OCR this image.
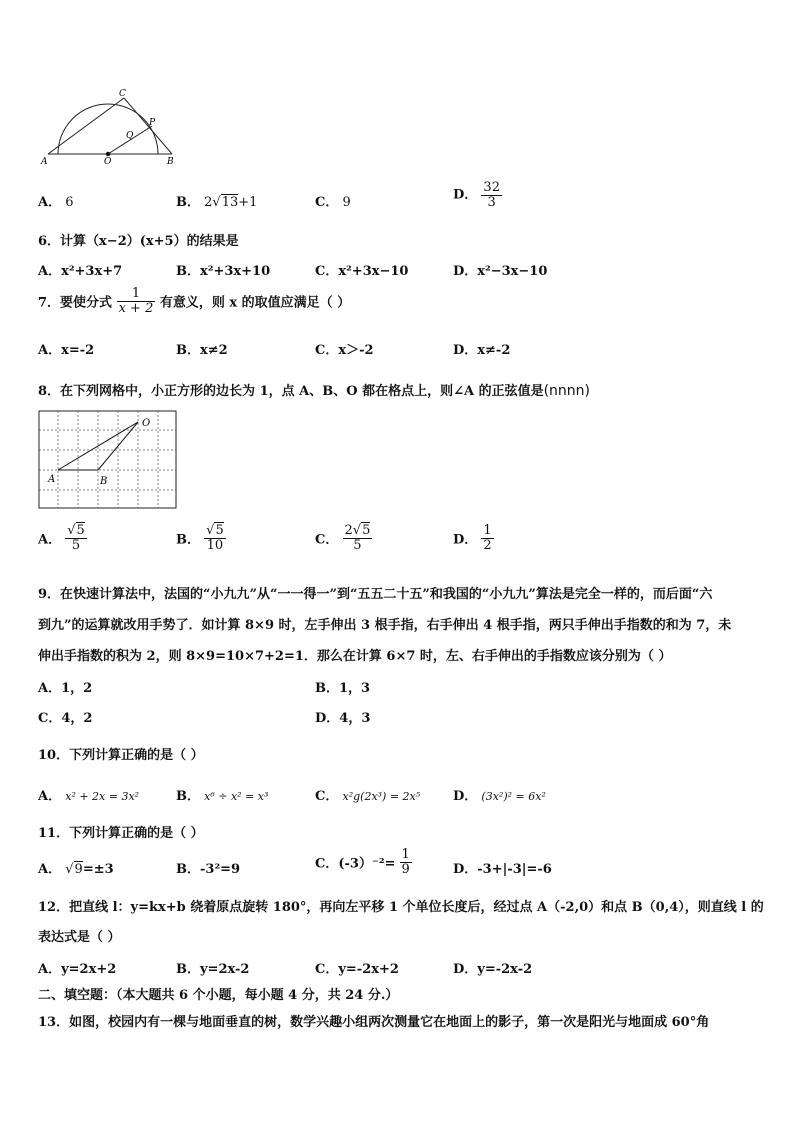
A	B
C
O
P
Q
A． 6	B． 2√13+1	C． 9	D． $\frac{32}{3}$
6．计算（x−2）(x+5）的结果是
A．x²+3x+7	B．x²+3x+10	C．x²+3x−10	D．x²−3x−10
7．要使分式 $\frac{1}{x + 2}$ 有意义，则 x 的取值应满足（ ）
A．x=-2	B．x≠2	C．x＞-2	D．x≠-2
8．在下列网格中，小正方形的边长为 1，点 A、B、O 都在格点上，则∠A 的正弦值是(nnnn)
A	B
O
A． $\frac{√5}{5}$	B． $\frac{√5}{10}$	C． $\frac{2√5}{5}$	D． $\frac{1}{2}$
9．在快速计算法中，法国的“小九九”从“一一得一”到“五五二十五”和我国的“小九九”算法是完全一样的，而后面“六
到九”的运算就改用手势了．如计算 8×9 时，左手伸出 3 根手指，右手伸出 4 根手指，两只手伸出手指数的和为 7，未
伸出手指数的积为 2，则 8×9=10×7+2=1．那么在计算 6×7 时，左、右手伸出的手指数应该分别为（ ）
A．1，2	B．1，3
C．4，2	D．4，3
10．下列计算正确的是（ ）
A． x² + 2x = 3x²	B． x⁶ ÷ x² = x³	C． x²g(2x³) = 2x⁵	D． (3x²)² = 6x²
11．下列计算正确的是（ ）
A． √9=±3	B．-3²=9	C．$(-3)^{-2}= \frac{1}{9}$	D．-3+|-3|=-6
12．把直线 l：y=kx+b 绕着原点旋转 180°，再向左平移 1 个单位长度后，经过点 A（-2,0）和点 B（0,4），则直线 l 的
表达式是（ ）
A．y=2x+2	B．y=2x-2	C．y=-2x+2	D．y=-2x-2
二、填空题：（本大题共 6 个小题，每小题 4 分，共 24 分.）
13．如图，校园内有一棵与地面垂直的树，数学兴趣小组两次测量它在地面上的影子，第一次是阳光与地面成 60°角
